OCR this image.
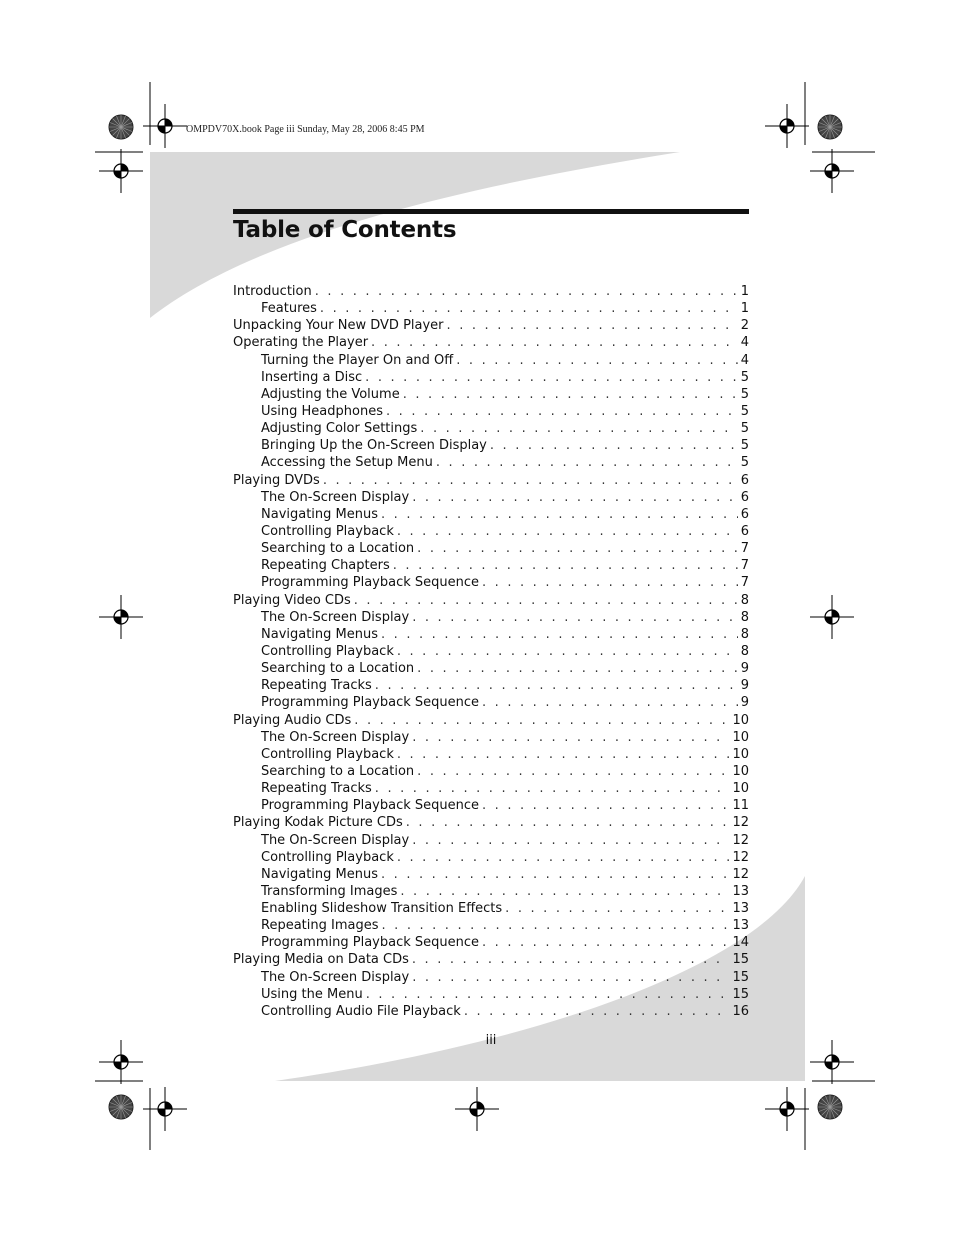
OMPDV70X.book Page iii Sunday, May 28, 2006 8:45 PM
Table of Contents
Introduction . . .	1
Features . . .	1
Unpacking Your New DVD Player . . .	2
Operating the Player . . .	4
Turning the Player On and Off . . .	4
Inserting a Disc . . .	5
Adjusting the Volume . . .	5
Using Headphones . . .	5
Adjusting Color Settings . . .	5
Bringing Up the On-Screen Display . . .	5
Accessing the Setup Menu . . .	5
Playing DVDs . . .	6
The On-Screen Display . . .	6
Navigating Menus . . .	6
Controlling Playback . . .	6
Searching to a Location . . .	7
Repeating Chapters . . .	7
Programming Playback Sequence . . .	7
Playing Video CDs . . .	8
The On-Screen Display . . .	8
Navigating Menus . . .	8
Controlling Playback . . .	8
Searching to a Location . . .	9
Repeating Tracks . . .	9
Programming Playback Sequence . . .	9
Playing Audio CDs . . .	10
The On-Screen Display . . .	10
Controlling Playback . . .	10
Searching to a Location . . .	10
Repeating Tracks . . .	10
Programming Playback Sequence . . .	11
Playing Kodak Picture CDs . . .	12
The On-Screen Display . . .	12
Controlling Playback . . .	12
Navigating Menus . . .	12
Transforming Images . . .	13
Enabling Slideshow Transition Effects . . .	13
Repeating Images . . .	13
Programming Playback Sequence . . .	14
Playing Media on Data CDs . . .	15
The On-Screen Display . . .	15
Using the Menu . . .	15
Controlling Audio File Playback . . .	16
iii
